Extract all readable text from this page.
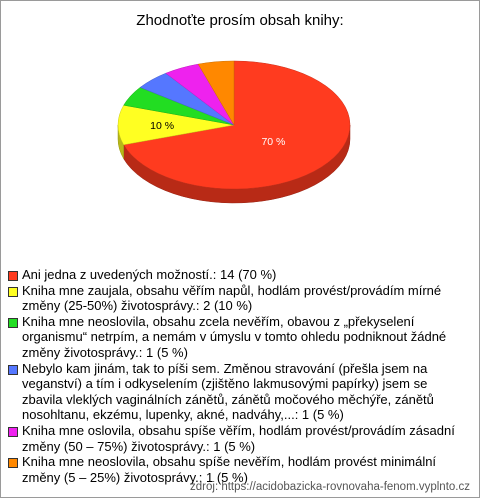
Zhodnoťte prosím obsah knihy:
70 %
10 %
Ani jedna z uvedených možností.: 14 (70 %)
Kniha mne zaujala, obsahu věřím napůl, hodlám provést/provádím mírné změny (25-50%) životosprávy.: 2 (10 %)
Kniha mne neoslovila, obsahu zcela nevěřím, obavou z „překyselení organismu“ netrpím, a nemám v úmyslu v tomto ohledu podniknout žádné změny životosprávy.: 1 (5 %)
Nebylo kam jinám, tak to píši sem. Změnou stravování (přešla jsem na veganství) a tím i odkyselením (zjištěno lakmusovými papírky) jsem se zbavila vleklých vaginálních zánětů, zánětů močového měchýře, zánětů nosohltanu, ekzému, lupenky, akné, nadváhy,...: 1 (5 %)
Kniha mne oslovila, obsahu spíše věřím, hodlám provést/provádím zásadní změny (50 – 75%) životosprávy.: 1 (5 %)
Kniha mne neoslovila, obsahu spíše nevěřím, hodlám provést minimální změny (5 – 25%) životosprávy.: 1 (5 %)
zdroj: https://acidobazicka-rovnovaha-fenom.vyplnto.cz
